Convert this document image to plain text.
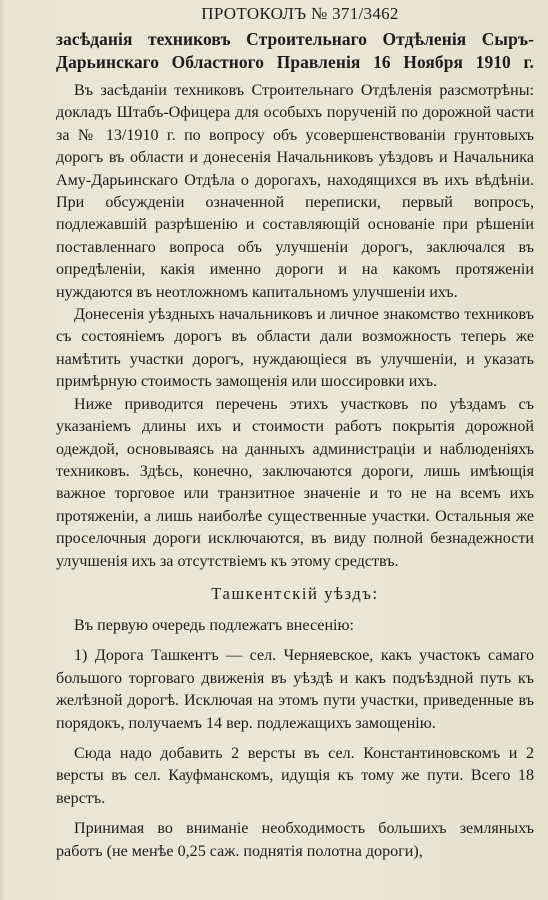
ПРОТОКОЛЪ № 371/3462
засѣданія техниковъ Строительнаго Отдѣленія Сыръ-
Дарьинскаго Областного Правленія 16 Ноября 1910 г.

Въ засѣданіи техниковъ Строительнаго Отдѣленія разсмотрѣны: докладъ Штабъ-Офицера для особыхъ порученій по дорожной части за № 13/1910 г. по вопросу объ усовершенствованіи грунтовыхъ дорогъ въ области и донесенія Начальниковъ уѣздовъ и Начальника Аму-Дарьинскаго Отдѣла о дорогахъ, находящихся въ ихъ вѣдѣніи. При обсужденіи означенной переписки, первый вопросъ, подлежавшій разрѣшенію и составляющій основаніе при рѣшеніи поставленнаго вопроса объ улучшеніи дорогъ, заключался въ опредѣленіи, какія именно дороги и на какомъ протяженіи нуждаются въ неотложномъ капитальномъ улучшеніи ихъ.

Донесенія уѣздныхъ начальниковъ и личное знакомство техниковъ съ состояніемъ дорогъ въ области дали возможность теперь же намѣтить участки дорогъ, нуждающіеся въ улучшеніи, и указать примѣрную стоимость замощенія или шоссировки ихъ.

Ниже приводится перечень этихъ участковъ по уѣздамъ съ указаніемъ длины ихъ и стоимости работъ покрытія дорожной одеждой, основываясь на данныхъ администраціи и наблюденіяхъ техниковъ. Здѣсь, конечно, заключаются дороги, лишь имѣющія важное торговое или транзитное значеніе и то не на всемъ ихъ протяженіи, а лишь наиболѣе существенные участки. Остальныя же проселочныя дороги исключаются, въ виду полной безнадежности улучшенія ихъ за отсутствіемъ къ этому средствъ.

Ташкентскій уѣздъ:
Въ первую очередь подлежатъ внесенію:

1) Дорога Ташкентъ — сел. Черняевское, какъ участокъ самаго большого торговаго движенія въ уѣздѣ и какъ подъѣздной путь къ желѣзной дорогѣ. Исключая на этомъ пути участки, приведенные въ порядокъ, получаемъ 14 вер. подлежащихъ замощенію.

Сюда надо добавить 2 версты въ сел. Константиновскомъ и 2 версты въ сел. Кауфманскомъ, идущія къ тому же пути. Всего 18 верстъ.

Принимая во вниманіе необходимость большихъ земляныхъ работъ (не менѣе 0,25 саж. поднятія полотна дороги),
